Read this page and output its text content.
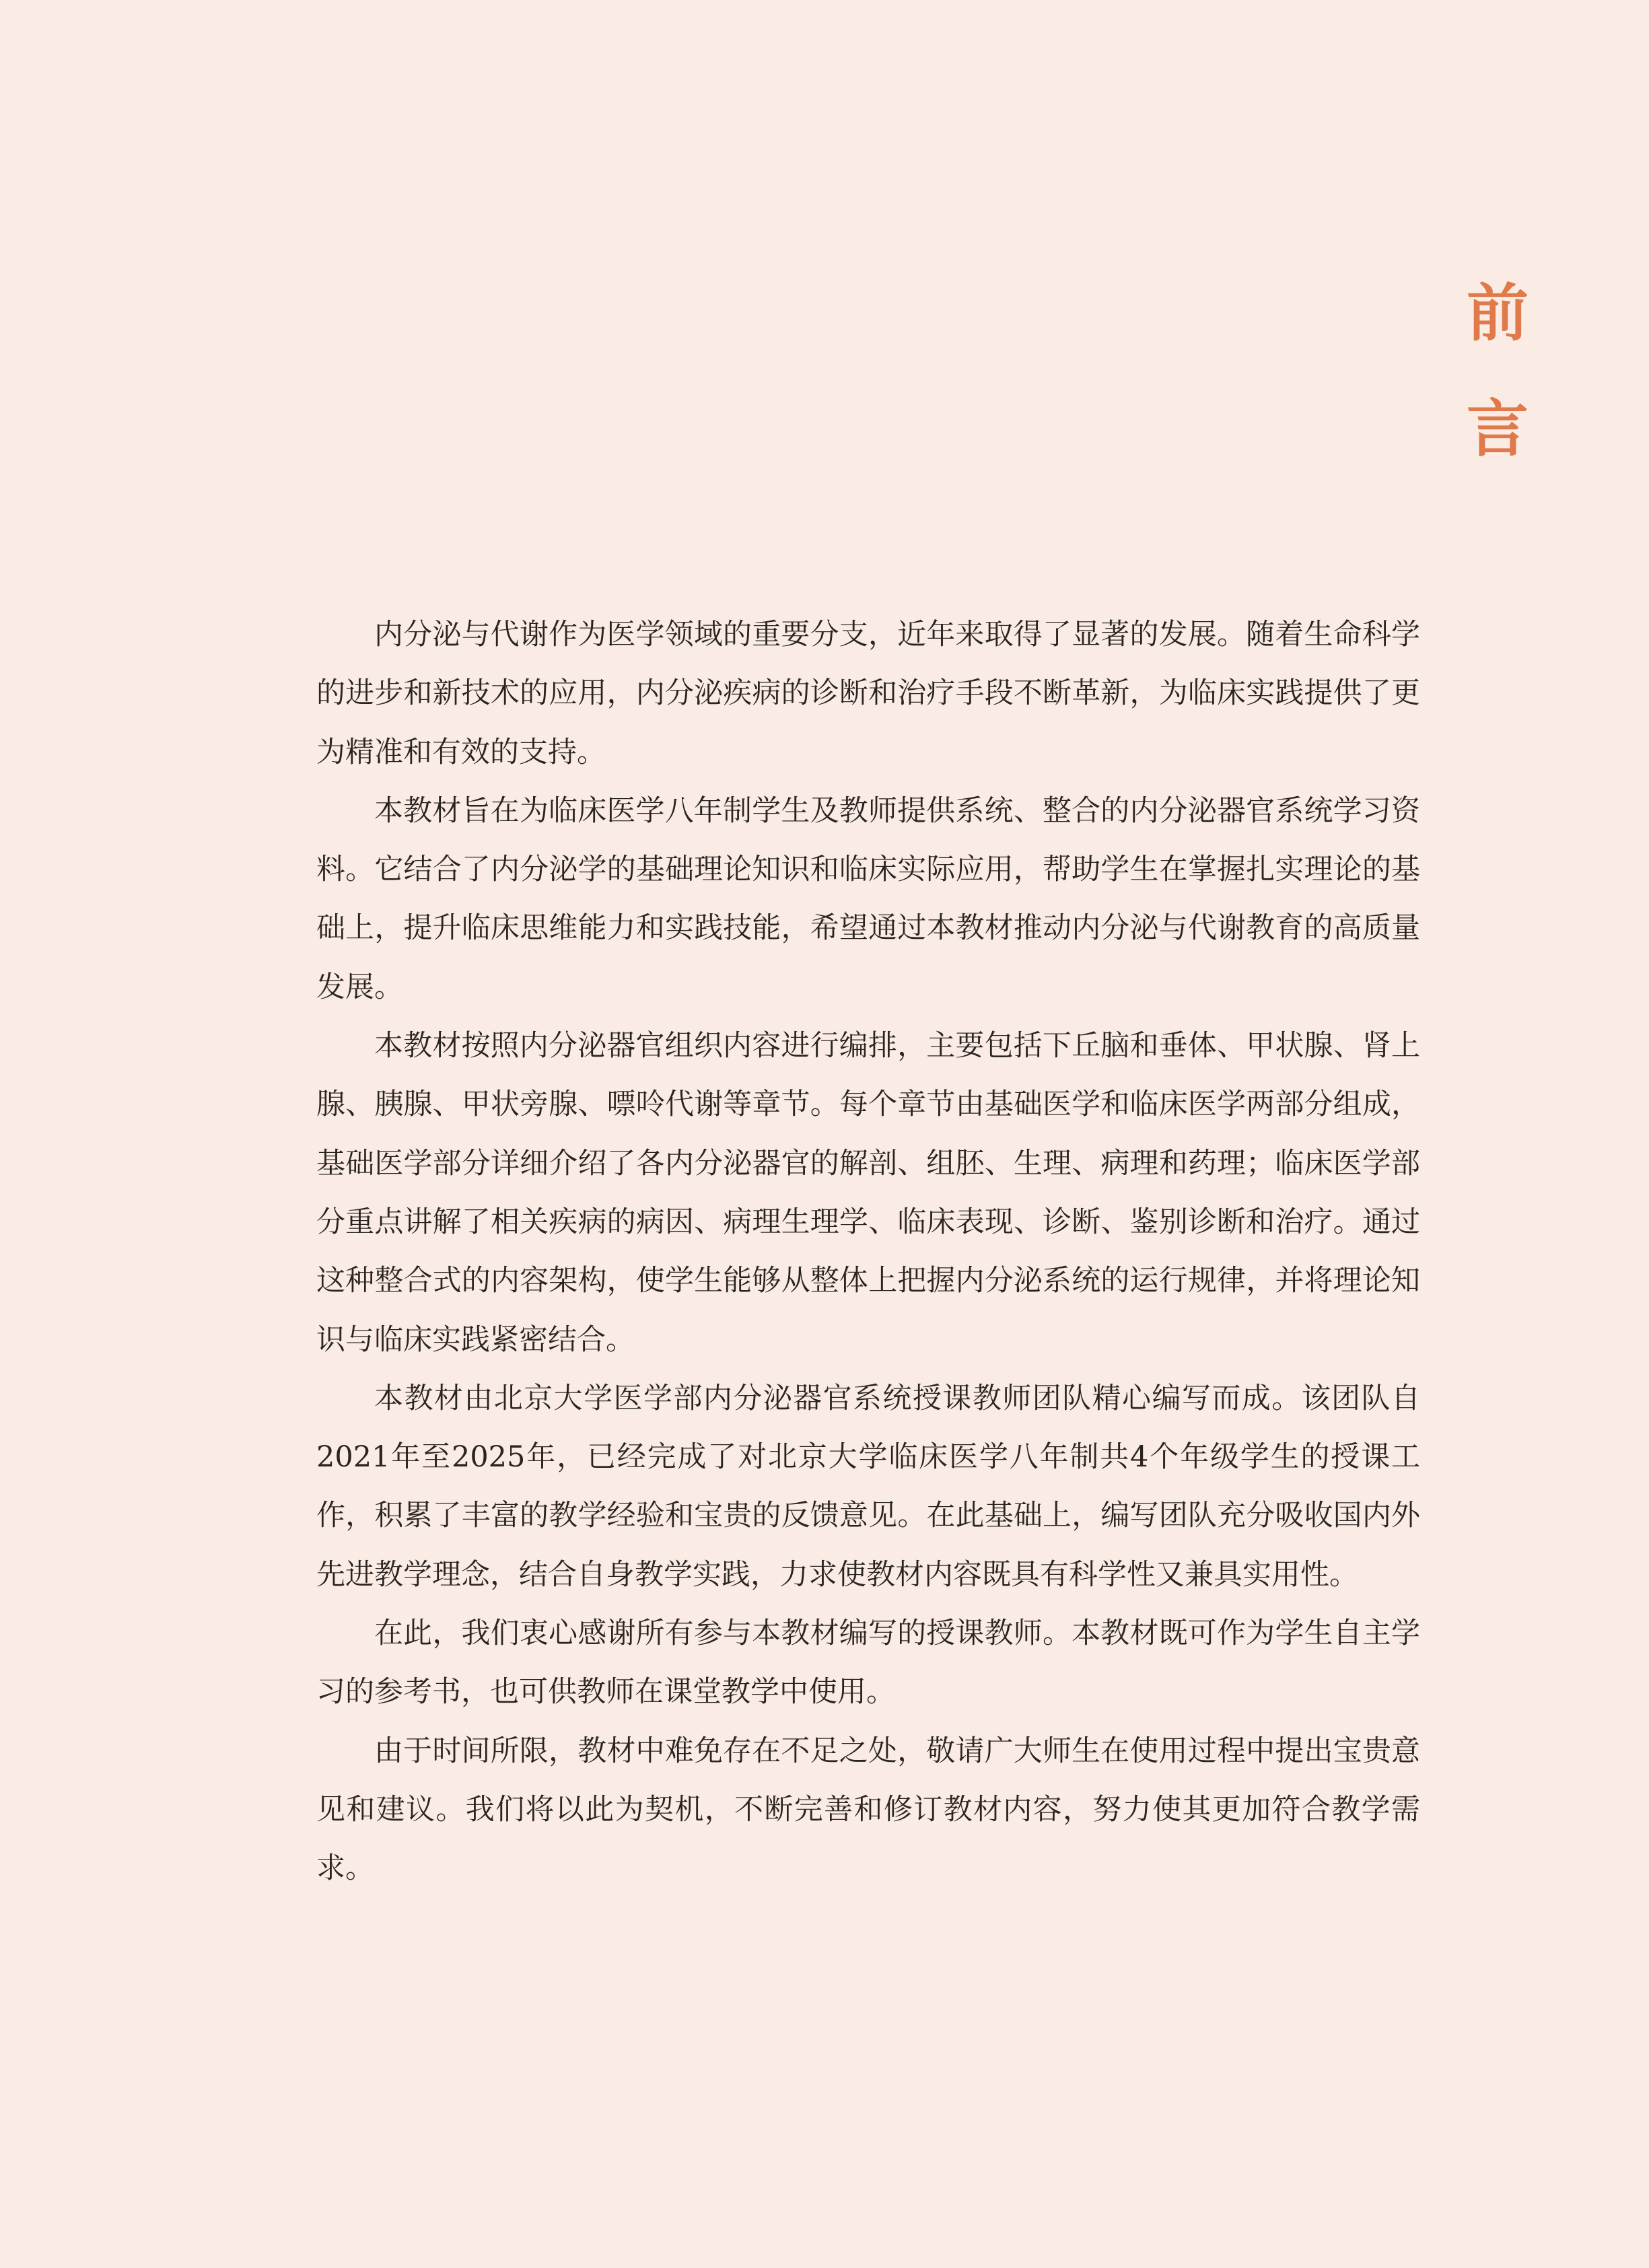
前
言

内分泌与代谢作为医学领域的重要分支，近年来取得了显著的发展。随着生命科学的进步和新技术的应用，内分泌疾病的诊断和治疗手段不断革新，为临床实践提供了更为精准和有效的支持。

本教材旨在为临床医学八年制学生及教师提供系统、整合的内分泌器官系统学习资料。它结合了内分泌学的基础理论知识和临床实际应用，帮助学生在掌握扎实理论的基础上，提升临床思维能力和实践技能，希望通过本教材推动内分泌与代谢教育的高质量发展。

本教材按照内分泌器官组织内容进行编排，主要包括下丘脑和垂体、甲状腺、肾上腺、胰腺、甲状旁腺、嘌呤代谢等章节。每个章节由基础医学和临床医学两部分组成，基础医学部分详细介绍了各内分泌器官的解剖、组胚、生理、病理和药理；临床医学部分重点讲解了相关疾病的病因、病理生理学、临床表现、诊断、鉴别诊断和治疗。通过这种整合式的内容架构，使学生能够从整体上把握内分泌系统的运行规律，并将理论知识与临床实践紧密结合。

本教材由北京大学医学部内分泌器官系统授课教师团队精心编写而成。该团队自2021年至2025年，已经完成了对北京大学临床医学八年制共4个年级学生的授课工作，积累了丰富的教学经验和宝贵的反馈意见。在此基础上，编写团队充分吸收国内外先进教学理念，结合自身教学实践，力求使教材内容既具有科学性又兼具实用性。

在此，我们衷心感谢所有参与本教材编写的授课教师。本教材既可作为学生自主学习的参考书，也可供教师在课堂教学中使用。

由于时间所限，教材中难免存在不足之处，敬请广大师生在使用过程中提出宝贵意见和建议。我们将以此为契机，不断完善和修订教材内容，努力使其更加符合教学需求。
